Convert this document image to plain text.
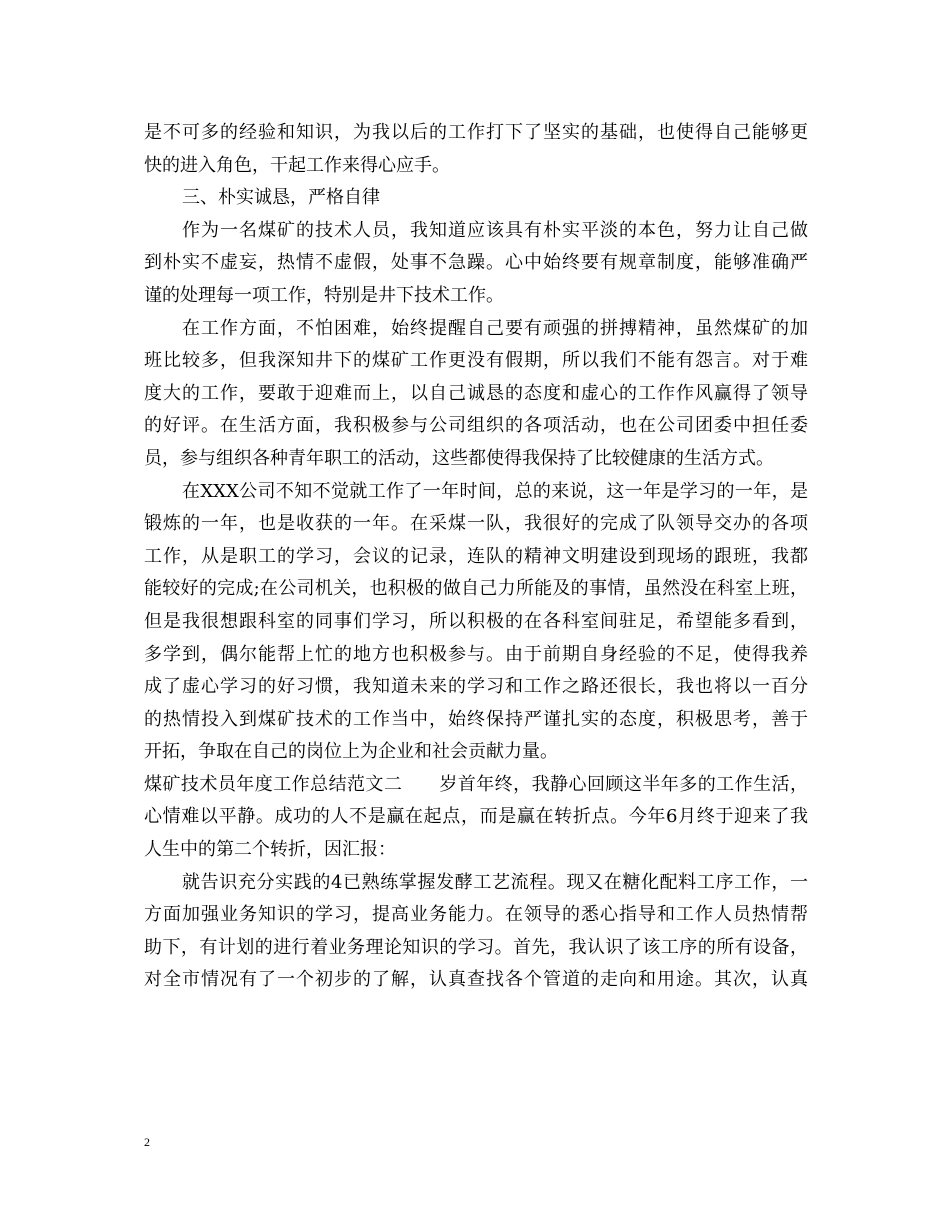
是不可多的经验和知识，为我以后的工作打下了坚实的基础，也使得自己能够更
快的进入角色，干起工作来得心应手。
三、朴实诚恳，严格自律
作为一名煤矿的技术人员，我知道应该具有朴实平淡的本色，努力让自己做
到朴实不虚妄，热情不虚假，处事不急躁。心中始终要有规章制度，能够准确严
谨的处理每一项工作，特别是井下技术工作。
在工作方面，不怕困难，始终提醒自己要有顽强的拼搏精神，虽然煤矿的加
班比较多，但我深知井下的煤矿工作更没有假期，所以我们不能有怨言。对于难
度大的工作，要敢于迎难而上，以自己诚恳的态度和虚心的工作作风赢得了领导
的好评。在生活方面，我积极参与公司组织的各项活动，也在公司团委中担任委
员，参与组织各种青年职工的活动，这些都使得我保持了比较健康的生活方式。
在XXX公司不知不觉就工作了一年时间，总的来说，这一年是学习的一年，是
锻炼的一年，也是收获的一年。在采煤一队，我很好的完成了队领导交办的各项
工作，从是职工的学习，会议的记录，连队的精神文明建设到现场的跟班，我都
能较好的完成;在公司机关，也积极的做自己力所能及的事情，虽然没在科室上班，
但是我很想跟科室的同事们学习，所以积极的在各科室间驻足，希望能多看到，
多学到，偶尔能帮上忙的地方也积极参与。由于前期自身经验的不足，使得我养
成了虚心学习的好习惯，我知道未来的学习和工作之路还很长，我也将以一百分
的热情投入到煤矿技术的工作当中，始终保持严谨扎实的态度，积极思考，善于
开拓，争取在自己的岗位上为企业和社会贡献力量。
煤矿技术员年度工作总结范文二　　岁首年终，我静心回顾这半年多的工作生活，
心情难以平静。成功的人不是赢在起点，而是赢在转折点。今年6月终于迎来了我
人生中的第二个转折，因汇报：
就告识充分实践的4已熟练掌握发酵工艺流程。现又在糖化配料工序工作，一
方面加强业务知识的学习，提高业务能力。在领导的悉心指导和工作人员热情帮
助下，有计划的进行着业务理论知识的学习。首先，我认识了该工序的所有设备，
对全市情况有了一个初步的了解，认真查找各个管道的走向和用途。其次，认真
2
